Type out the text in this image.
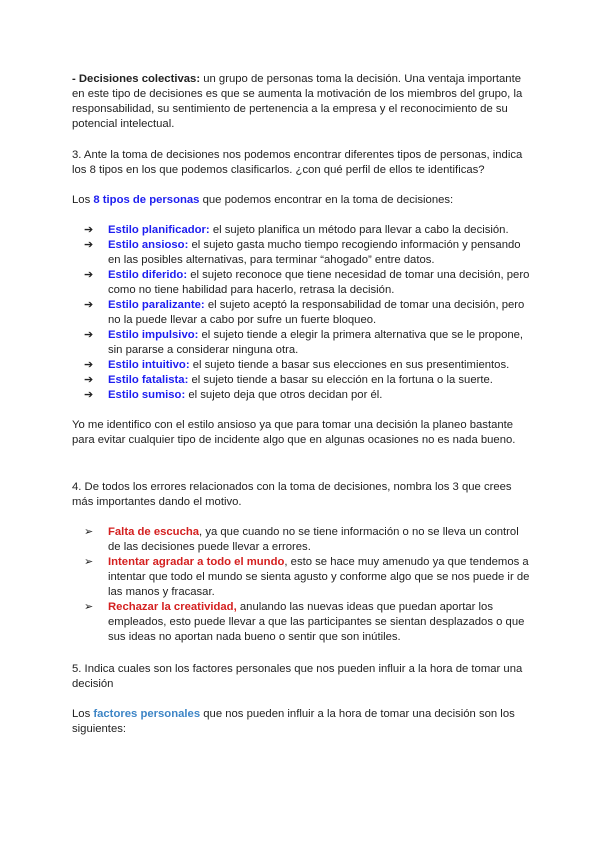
- Decisiones colectivas: un grupo de personas toma la decisión. Una ventaja importante en este tipo de decisiones es que se aumenta la motivación de los miembros del grupo, la responsabilidad, su sentimiento de pertenencia a la empresa y el reconocimiento de su potencial intelectual.

3. Ante la toma de decisiones nos podemos encontrar diferentes tipos de personas, indica los 8 tipos en los que podemos clasificarlos. ¿con qué perfil de ellos te identificas?

Los 8 tipos de personas que podemos encontrar en la toma de decisiones:

➔ Estilo planificador: el sujeto planifica un método para llevar a cabo la decisión.
➔ Estilo ansioso: el sujeto gasta mucho tiempo recogiendo información y pensando en las posibles alternativas, para terminar “ahogado” entre datos.
➔ Estilo diferido: el sujeto reconoce que tiene necesidad de tomar una decisión, pero como no tiene habilidad para hacerlo, retrasa la decisión.
➔ Estilo paralizante: el sujeto aceptó la responsabilidad de tomar una decisión, pero no la puede llevar a cabo por sufre un fuerte bloqueo.
➔ Estilo impulsivo: el sujeto tiende a elegir la primera alternativa que se le propone, sin pararse a considerar ninguna otra.
➔ Estilo intuitivo: el sujeto tiende a basar sus elecciones en sus presentimientos.
➔ Estilo fatalista: el sujeto tiende a basar su elección en la fortuna o la suerte.
➔ Estilo sumiso: el sujeto deja que otros decidan por él.

Yo me identifico con el estilo ansioso ya que para tomar una decisión la planeo bastante para evitar cualquier tipo de incidente algo que en algunas ocasiones no es nada bueno.

4. De todos los errores relacionados con la toma de decisiones, nombra los 3 que crees más importantes dando el motivo.

➢ Falta de escucha, ya que cuando no se tiene información o no se lleva un control de las decisiones puede llevar a errores.
➢ Intentar agradar a todo el mundo, esto se hace muy amenudo ya que tendemos a intentar que todo el mundo se sienta agusto y conforme algo que se nos puede ir de las manos y fracasar.
➢ Rechazar la creatividad, anulando las nuevas ideas que puedan aportar los empleados, esto puede llevar a que las participantes se sientan desplazados o que sus ideas no aportan nada bueno o sentir que son inútiles.

5. Indica cuales son los factores personales que nos pueden influir a la hora de tomar una decisión

Los factores personales que nos pueden influir a la hora de tomar una decisión son los siguientes:
